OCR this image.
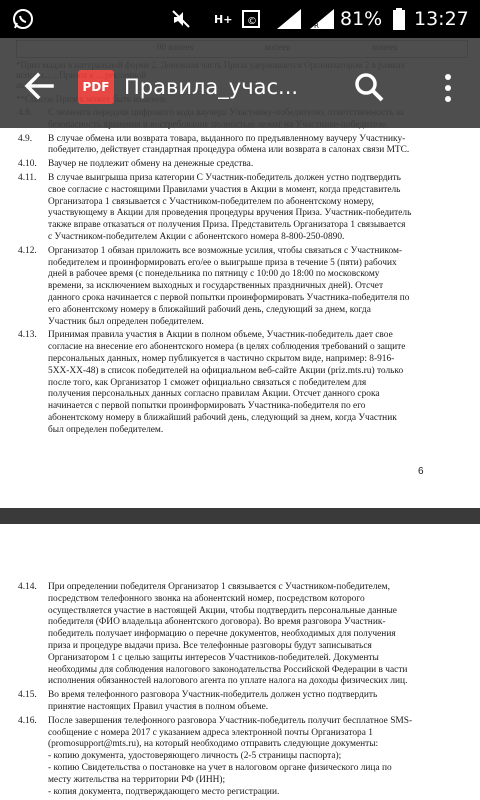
H+ ©	R 81% 13:27
4.9. В случае обмена или возврата товара, выданного по предъявленному ваучеру Участнику-
победителю, действует стандартная процедура обмена или возврата в салонах связи МТС.
4.10. Ваучер не подлежит обмену на денежные средства.
4.11. В случае выигрыша приза категории С Участник-победитель должен устно подтвердить
свое согласие с настоящими Правилами участия в Акции в момент, когда представитель
Организатора 1 связывается с Участником-победителем по абонентскому номеру,
участвующему в Акции для проведения процедуры вручения Приза. Участник-победитель
также вправе отказаться от получения Приза. Представитель Организатора 1 связывается
с Участником-победителем Акции с абонентского номера 8-800-250-0890.
4.12. Организатор 1 обязан приложить все возможные усилия, чтобы связаться с Участником-
победителем и проинформировать его/ее о выигрыше приза в течение 5 (пяти) рабочих
дней в рабочее время (с понедельника по пятницу с 10:00 до 18:00 по московскому
времени, за исключением выходных и государственных праздничных дней). Отсчет
данного срока начинается с первой попытки проинформировать Участника-победителя по
его абонентскому номеру в ближайший рабочий день, следующий за днем, когда
Участник был определен победителем.
4.13. Принимая правила участия в Акции в полном объеме, Участник-победитель дает свое
согласие на внесение его абонентского номера (в целях соблюдения требований о защите
персональных данных, номер публикуется в частично скрытом виде, например: 8-916-
5XX-XX-48) в список победителей на официальном веб-сайте Акции (priz.mts.ru) только
после того, как Организатор 1 сможет официально связаться с победителем для
получения персональных данных согласно правилам Акции. Отсчет данного срока
начинается с первой попытки проинформировать Участника-победителя по его
абонентскому номеру в ближайший рабочий день, следующий за днем, когда Участник
был определен победителем.
6
4.14. При определении победителя Организатор 1 связывается с Участником-победителем,
посредством телефонного звонка на абонентский номер, посредством которого
осуществляется участие в настоящей Акции, чтобы подтвердить персональные данные
победителя (ФИО владельца абонентского договора). Во время разговора Участник-
победитель получает информацию о перечне документов, необходимых для получения
приза и процедуре выдачи приза. Все телефонные разговоры будут записываться
Организатором 1 с целью защиты интересов Участников-победителей. Документы
необходимы для соблюдения налогового законодательства Российской Федерации в части
исполнения обязанностей налогового агента по уплате налога на доходы физических лиц.
4.15. Во время телефонного разговора Участник-победитель должен устно подтвердить
принятие настоящих Правил участия в полном объеме.
4.16. После завершения телефонного разговора Участник-победитель получит бесплатное SMS-
сообщение с номера 2017 с указанием адреса электронной почты Организатора 1
(promosupport@mts.ru), на который необходимо отправить следующие документы:
- копию документа, удостоверяющего личность (2-5 страницы паспорта);
- копию Свидетельства о постановке на учет в налоговом органе физического лица по
месту жительства на территории РФ (ИНН);
- копия документа, подтверждающего место регистрации.
PDF Правила_учас...
